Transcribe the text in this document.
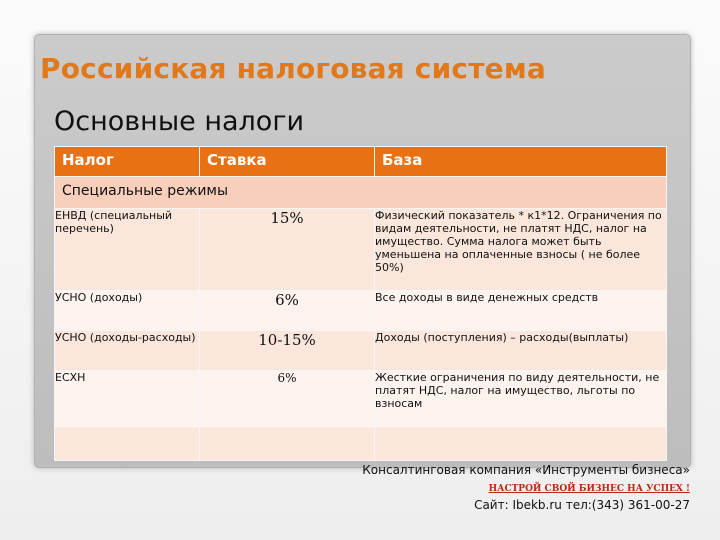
Российская налоговая система
Основные налоги
Налог	Ставка	База
Специальные режимы		
ЕНВД (специальный перечень)	15%	Физический показатель * к1*12. Ограничения по видам деятельности, не платят НДС, налог на имущество. Сумма налога может быть уменьшена на оплаченные взносы ( не более 50%)
УСНО (доходы)	6%	Все доходы в виде денежных средств
УСНО (доходы-расходы)	10-15%	Доходы (поступления) – расходы(выплаты)
ЕСХН	6%	Жесткие ограничения по виду деятельности, не платят НДС, налог на имущество, льготы по взносам

Консалтинговая компания «Инструменты бизнеса»

НАСТРОЙ СВОЙ БИЗНЕС НА УСПЕХ !

Сайт: Ibekb.ru тел:(343) 361-00-27
